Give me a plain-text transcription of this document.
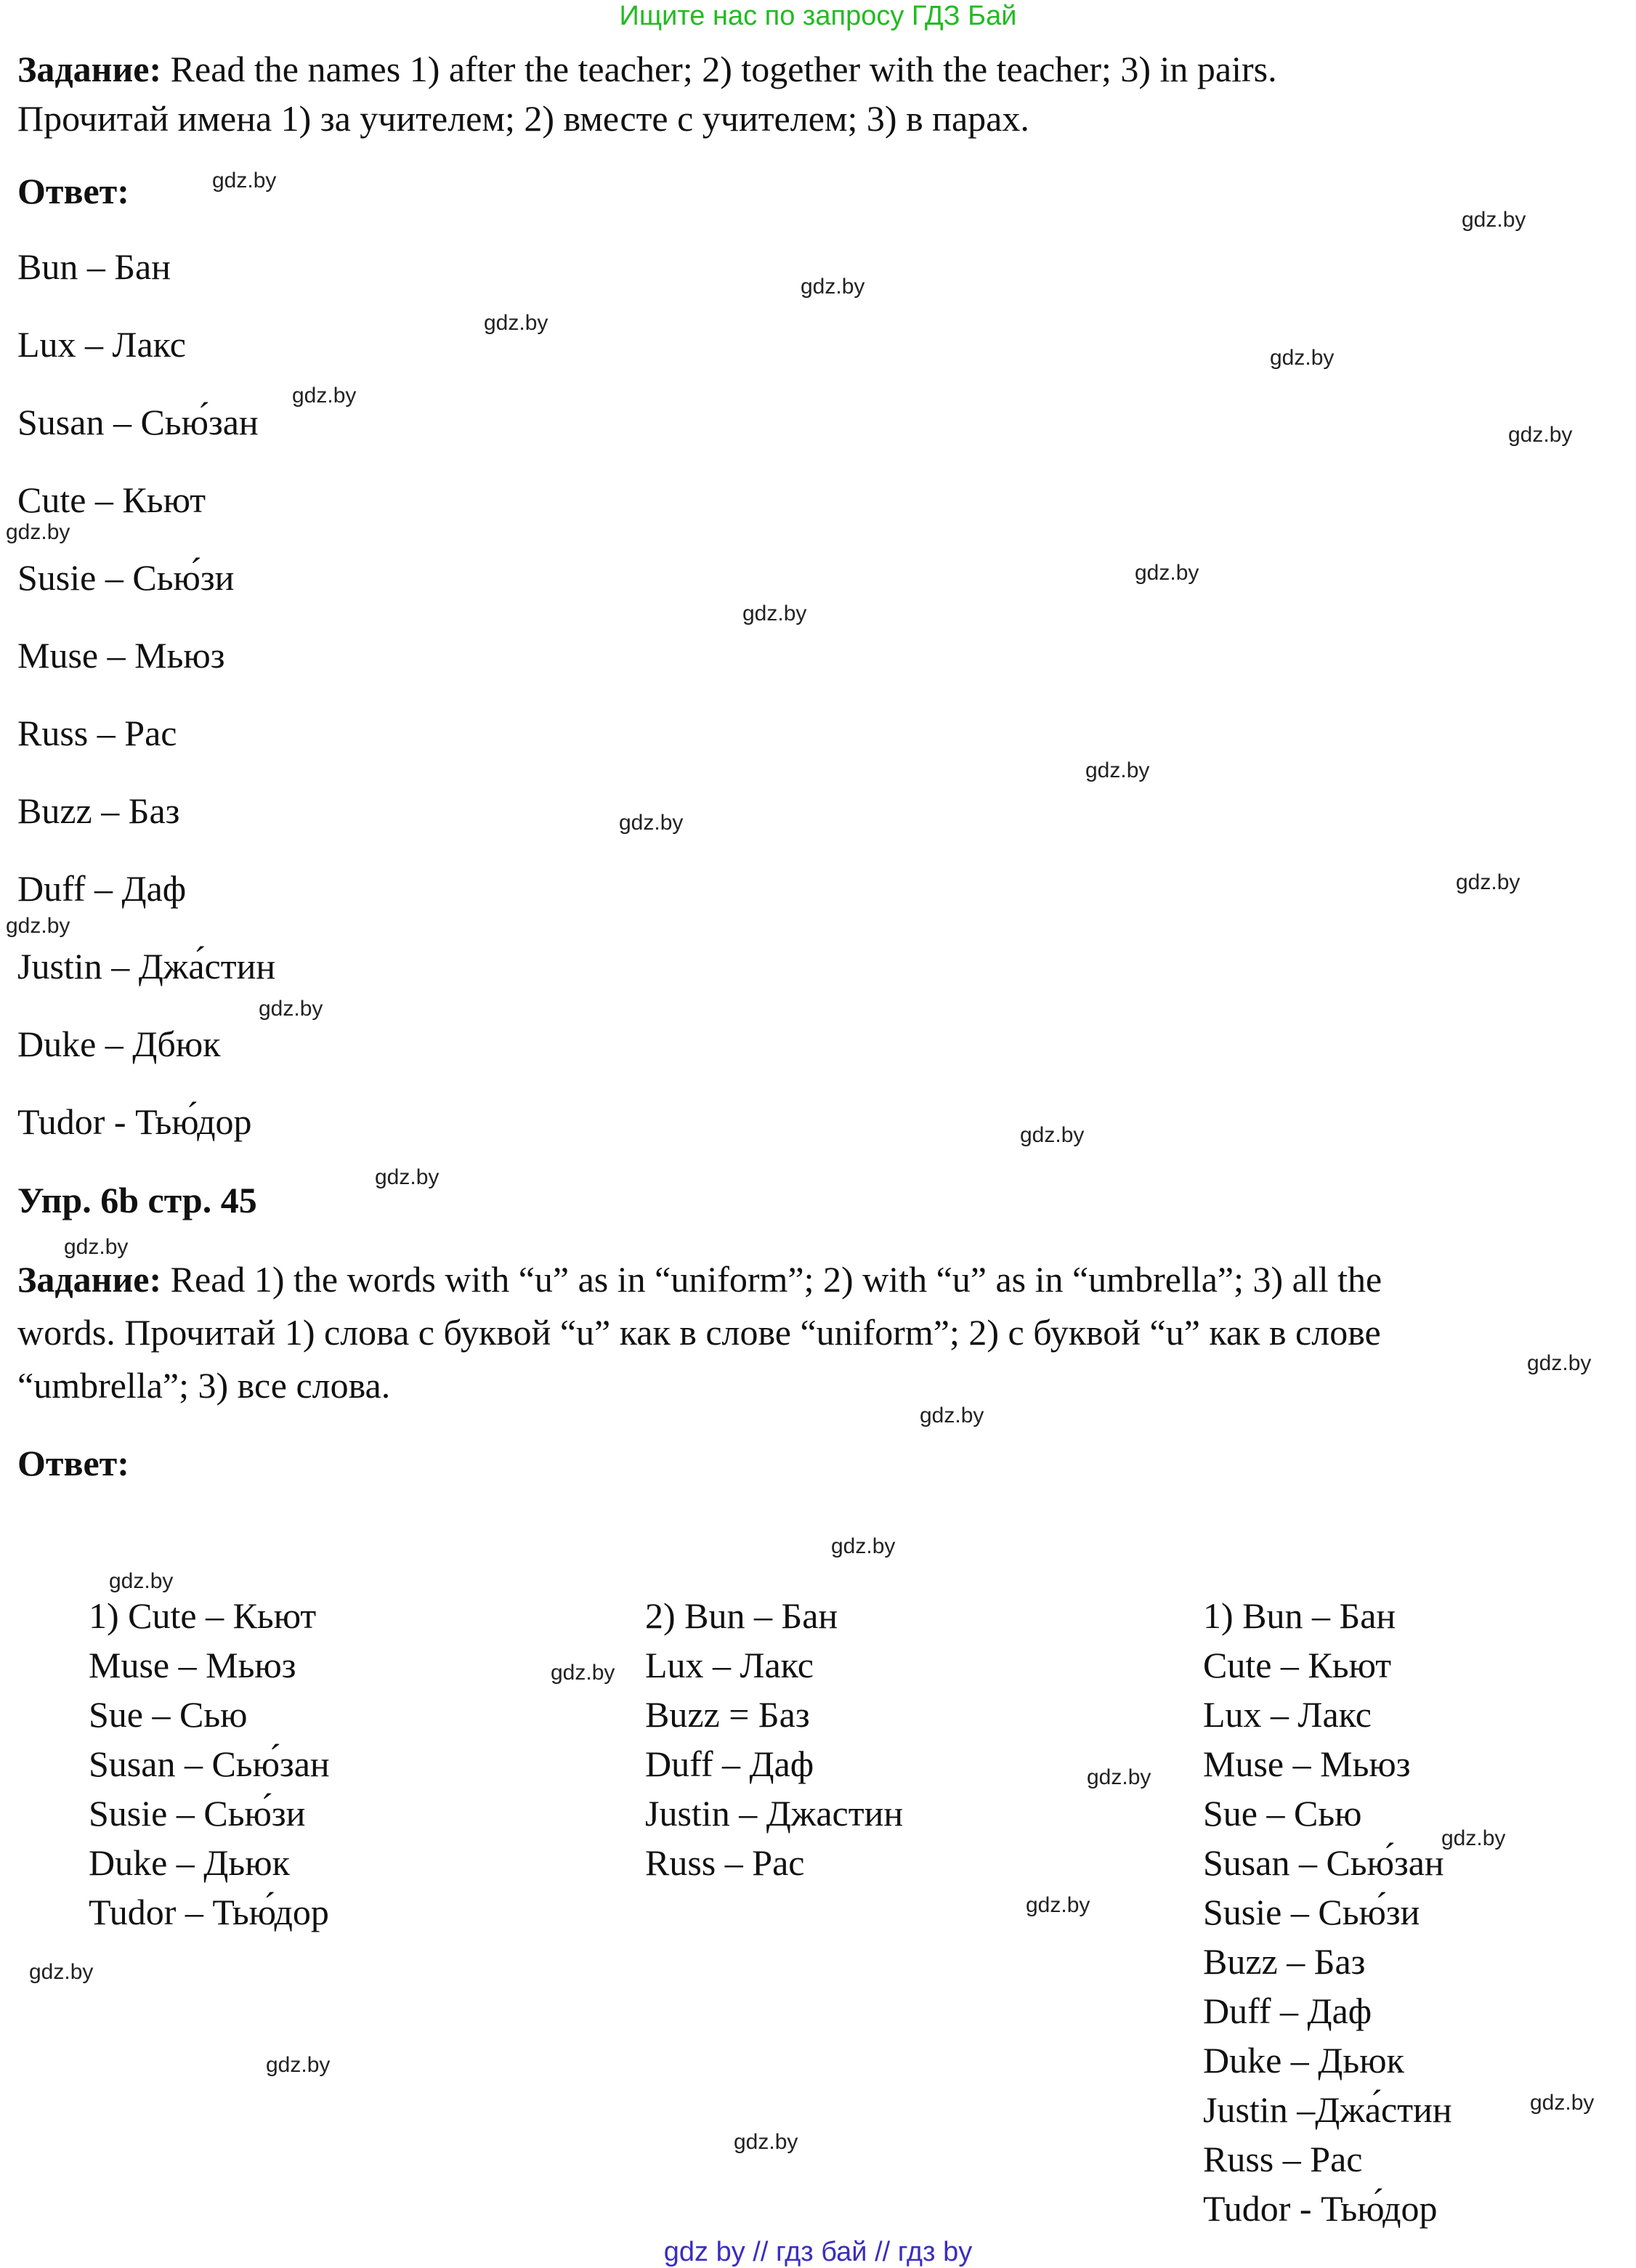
Ищите нас по запросу ГДЗ Бай
Задание: Read the names 1) after the teacher; 2) together with the teacher; 3) in pairs.
Прочитай имена 1) за учителем; 2) вместе с учителем; 3) в парах.
Ответ:
Bun – Бан
Lux – Лакс
Susan – Сью́зан
Cute – Кьют
Susie – Сью́зи
Muse – Мьюз
Russ – Рас
Buzz – Баз
Duff – Даф
Justin – Джа́стин
Duke – Дбюк
Tudor - Тью́дор
Упр. 6b стр. 45
Задание: Read 1) the words with “u” as in “uniform”; 2) with “u” as in “umbrella”; 3) all the
words. Прочитай 1) слова с буквой “u” как в слове “uniform”; 2) с буквой “u” как в слове
“umbrella”; 3) все слова.
Ответ:
1) Cute – Кьют
Muse – Мьюз
Sue – Сью
Susan – Сью́зан
Susie – Сью́зи
Duke – Дьюк
Tudor – Тью́дор
2) Bun – Бан
Lux – Лакс
Buzz = Баз
Duff – Даф
Justin – Джастин
Russ – Рас
1) Bun – Бан
Cute – Кьют
Lux – Лакс
Muse – Мьюз
Sue – Сью
Susan – Сью́зан
Susie – Сью́зи
Buzz – Баз
Duff – Даф
Duke – Дьюк
Justin –Джа́стин
Russ – Рас
Tudor - Тью́дор
gdz.by
gdz.by
gdz.by
gdz.by
gdz.by
gdz.by
gdz.by
gdz.by
gdz.by
gdz.by
gdz.by
gdz.by
gdz.by
gdz.by
gdz.by
gdz.by
gdz.by
gdz.by
gdz.by
gdz.by
gdz.by
gdz.by
gdz.by
gdz.by
gdz.by
gdz.by
gdz.by
gdz.by
gdz.by
gdz.by
gdz by // гдз бай // гдз by
